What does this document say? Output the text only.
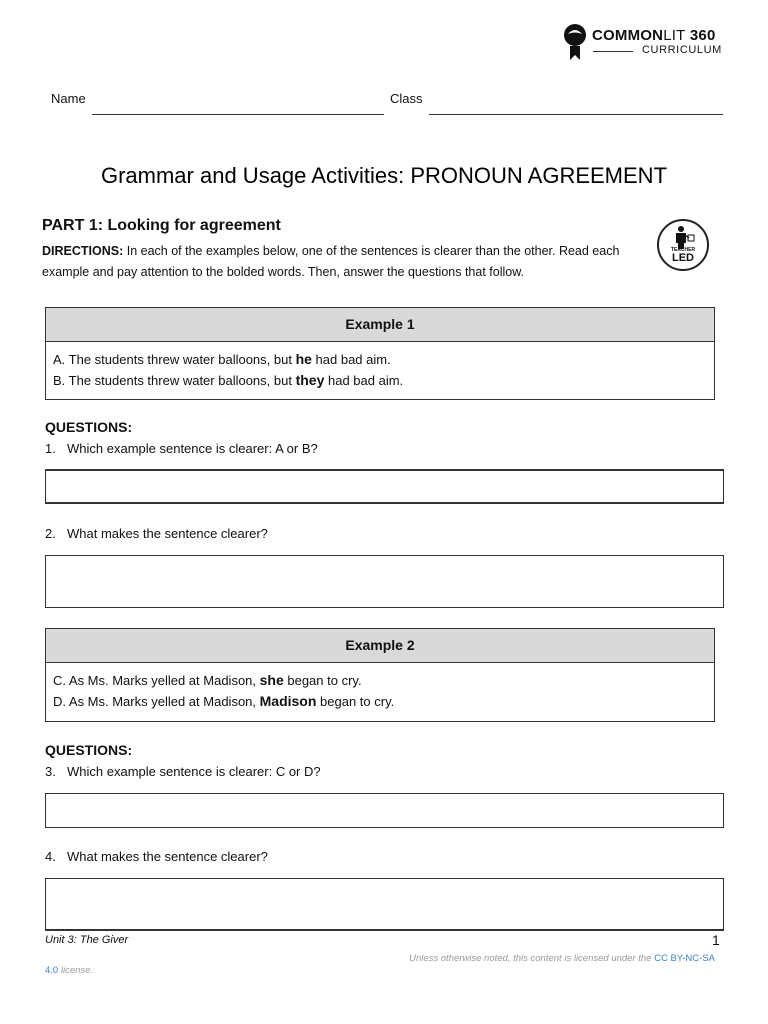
COMMONLIT 360
CURRICULUM
Name	Class
Grammar and Usage Activities: PRONOUN AGREEMENT
PART 1: Looking for agreement
DIRECTIONS: In each of the examples below, one of the sentences is clearer than the other. Read each example and pay attention to the bolded words. Then, answer the questions that follow.
TEACHER
LED
Example 1
A. The students threw water balloons, but he had bad aim.
B. The students threw water balloons, but they had bad aim.
QUESTIONS:
1. Which example sentence is clearer: A or B?
2. What makes the sentence clearer?
Example 2
C. As Ms. Marks yelled at Madison, she began to cry.
D. As Ms. Marks yelled at Madison, Madison began to cry.
QUESTIONS:
3. Which example sentence is clearer: C or D?
4. What makes the sentence clearer?
Unit 3: The Giver	1
Unless otherwise noted, this content is licensed under the CC BY-NC-SA
4.0 license.
